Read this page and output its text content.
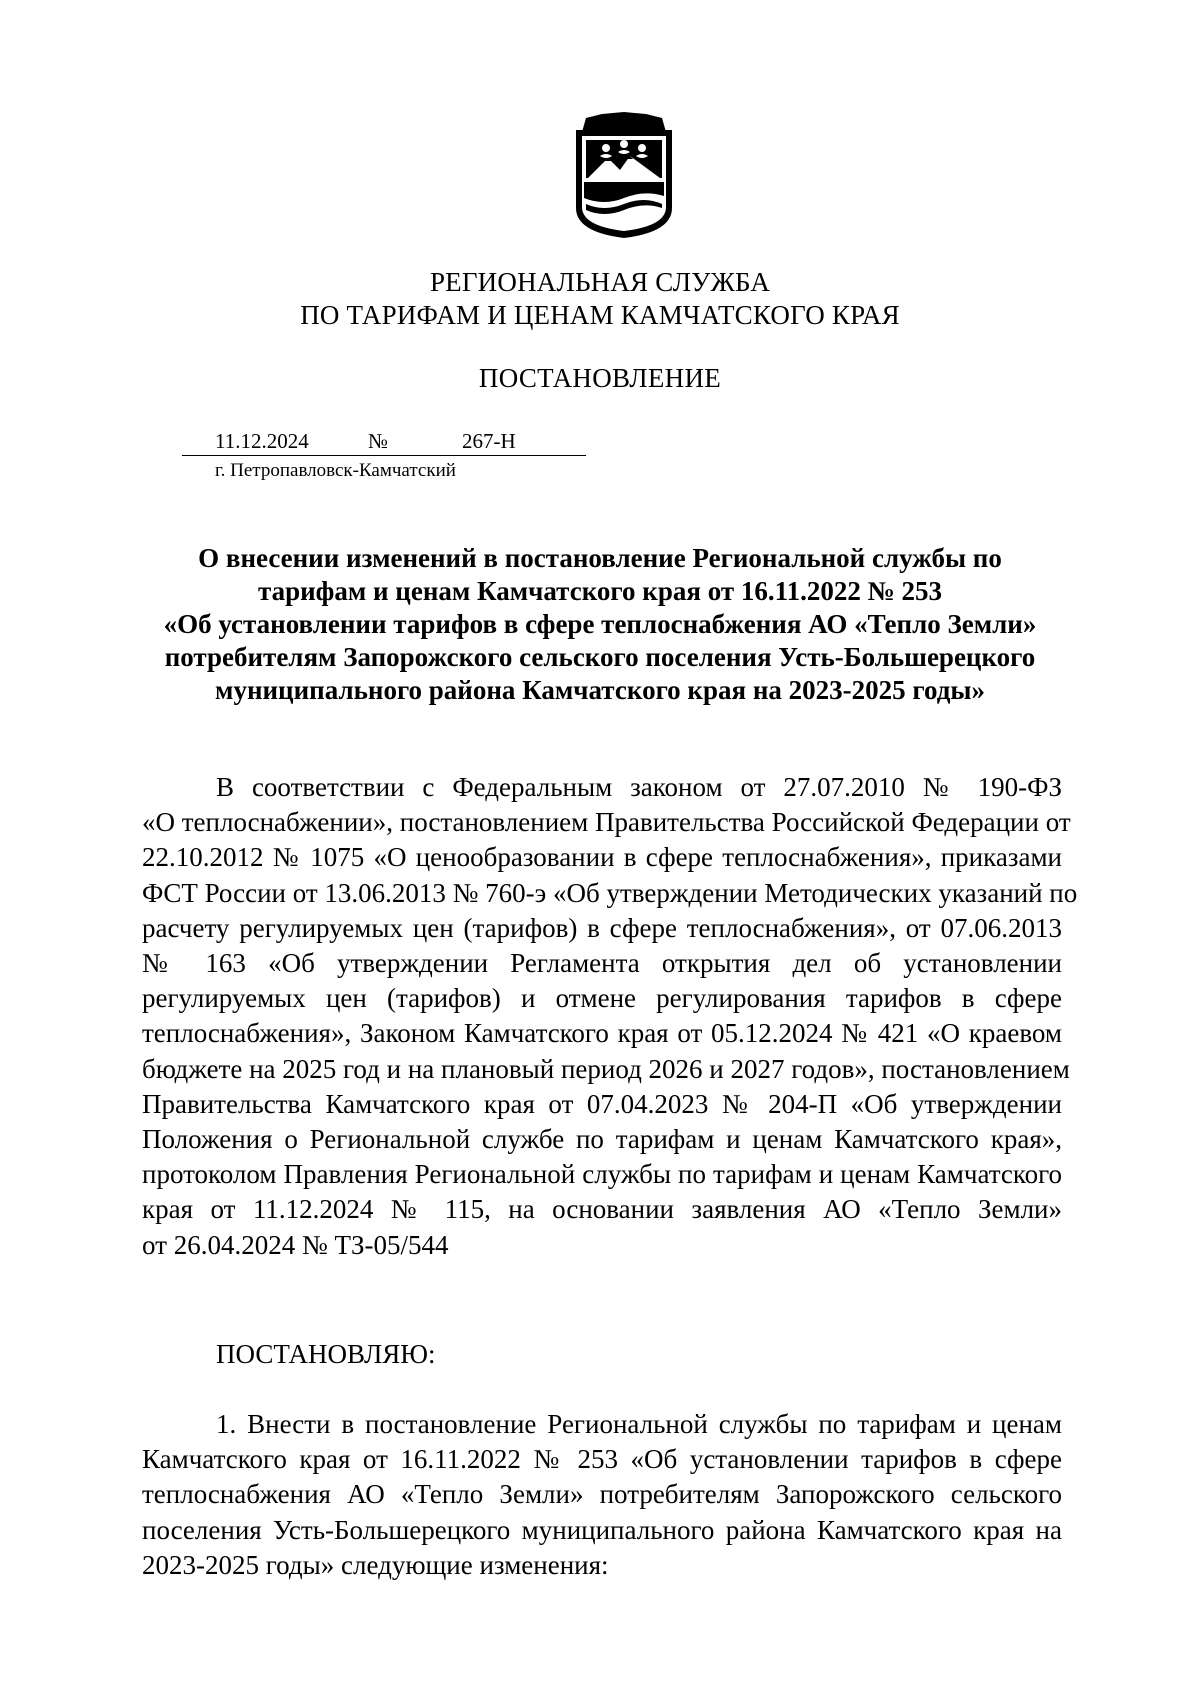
РЕГИОНАЛЬНАЯ СЛУЖБА
ПО ТАРИФАМ И ЦЕНАМ КАМЧАТСКОГО КРАЯ
ПОСТАНОВЛЕНИЕ
11.12.2024	№	267-Н
г. Петропавловск-Камчатский
О внесении изменений в постановление Региональной службы по
тарифам и ценам Камчатского края от 16.11.2022 № 253
«Об установлении тарифов в сфере теплоснабжения АО «Тепло Земли»
потребителям Запорожского сельского поселения Усть-Большерецкого
муниципального района Камчатского края на 2023-2025 годы»
В соответствии с Федеральным законом от 27.07.2010 № 190-ФЗ
«О теплоснабжении», постановлением Правительства Российской Федерации от
22.10.2012 № 1075 «О ценообразовании в сфере теплоснабжения», приказами
ФСТ России от 13.06.2013 № 760-э «Об утверждении Методических указаний по
расчету регулируемых цен (тарифов) в сфере теплоснабжения», от 07.06.2013
№ 163 «Об утверждении Регламента открытия дел об установлении
регулируемых цен (тарифов) и отмене регулирования тарифов в сфере
теплоснабжения», Законом Камчатского края от 05.12.2024 № 421 «О краевом
бюджете на 2025 год и на плановый период 2026 и 2027 годов», постановлением
Правительства Камчатского края от 07.04.2023 № 204-П «Об утверждении
Положения о Региональной службе по тарифам и ценам Камчатского края»,
протоколом Правления Региональной службы по тарифам и ценам Камчатского
края от 11.12.2024 № 115, на основании заявления АО «Тепло Земли»
от 26.04.2024 № ТЗ-05/544
ПОСТАНОВЛЯЮ:
1. Внести в постановление Региональной службы по тарифам и ценам
Камчатского края от 16.11.2022 № 253 «Об установлении тарифов в сфере
теплоснабжения АО «Тепло Земли» потребителям Запорожского сельского
поселения Усть-Большерецкого муниципального района Камчатского края на
2023-2025 годы» следующие изменения:
